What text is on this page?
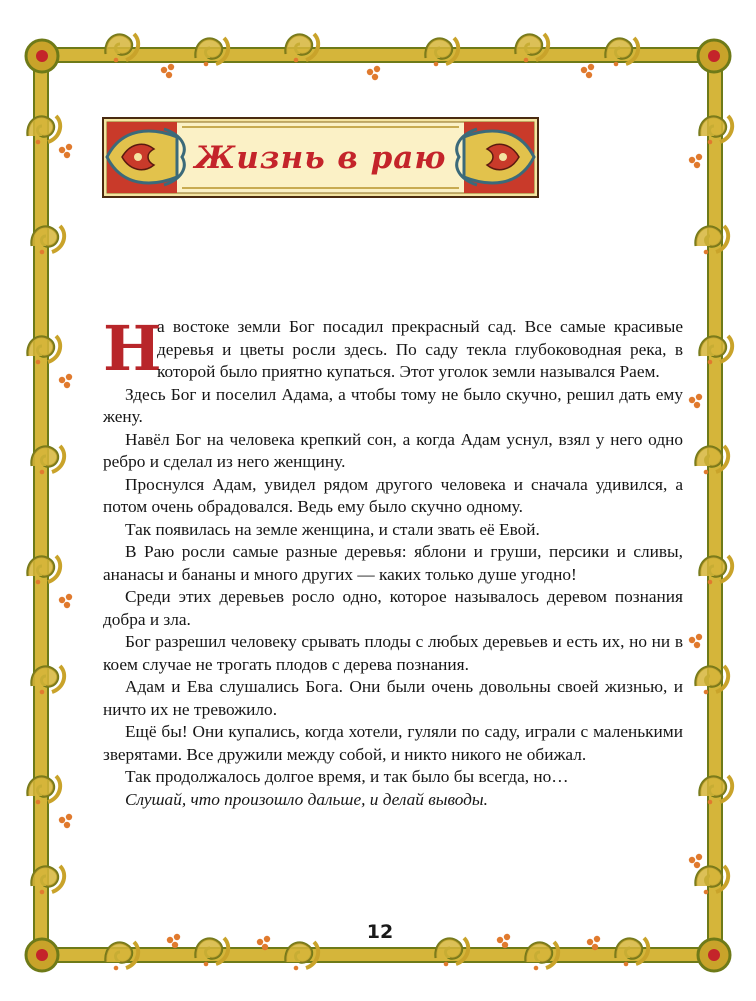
Жизнь в раю

Н
а востоке земли Бог посадил прекрасный сад. Все самые красивые деревья и цветы росли здесь. По саду текла глубоководная река, в которой было приятно купаться. Этот уголок земли назывался Раем.

Здесь Бог и поселил Адама, а чтобы тому не было скучно, решил дать ему жену.

Навёл Бог на человека крепкий сон, а когда Адам уснул, взял у него одно ребро и сделал из него женщину.

Проснулся Адам, увидел рядом другого человека и сначала удивился, а потом очень обрадовался. Ведь ему было скучно одному.

Так появилась на земле женщина, и стали звать её Евой.

В Раю росли самые разные деревья: яблони и груши, персики и сливы, ананасы и бананы и много других — каких только душе угодно!

Среди этих деревьев росло одно, которое называлось деревом познания добра и зла.

Бог разрешил человеку срывать плоды с любых деревьев и есть их, но ни в коем случае не трогать плодов с дерева познания.

Адам и Ева слушались Бога. Они были очень довольны своей жизнью, и ничто их не тревожило.

Ещё бы! Они купались, когда хотели, гуляли по саду, играли с маленькими зверятами. Все дружили между собой, и никто никого не обижал.

Так продолжалось долгое время, и так было бы всегда, но…

Слушай, что произошло дальше, и делай выводы.

12
